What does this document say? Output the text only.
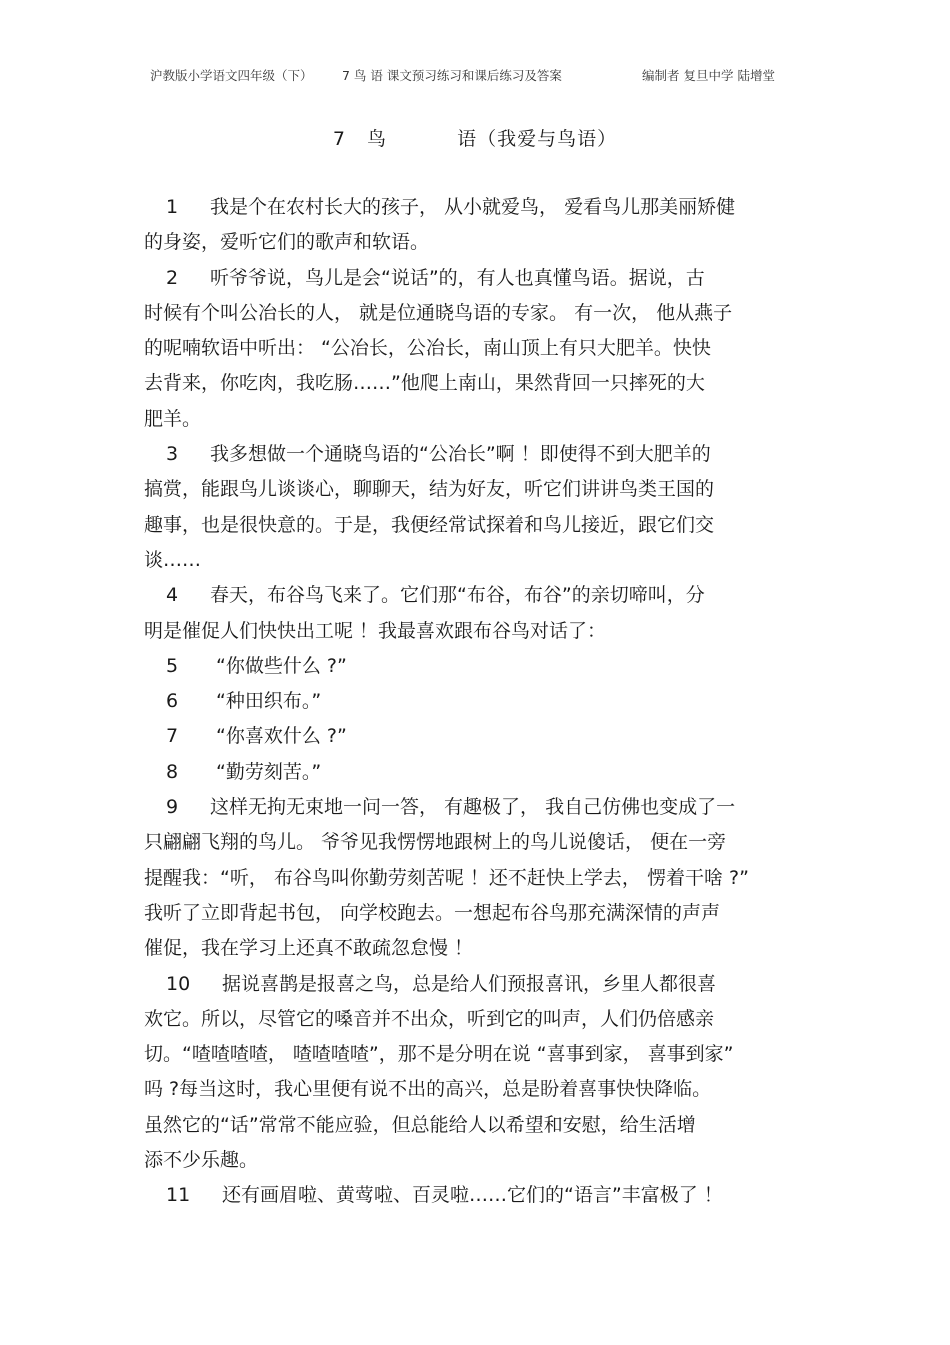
沪教版小学语文四年级（下） 7 鸟 语 课文预习练习和课后练习及答案	编制者 复旦中学 陆增堂
7 鸟	语（我爱与鸟语）

1 我是个在农村长大的孩子， 从小就爱鸟， 爱看鸟儿那美丽矫健
的身姿，爱听它们的歌声和软语。

2 听爷爷说，鸟儿是会“说话”的，有人也真懂鸟语。据说，古
时候有个叫公冶长的人， 就是位通晓鸟语的专家。 有一次， 他从燕子
的呢喃软语中听出： “公冶长，公冶长，南山顶上有只大肥羊。快快
去背来，你吃肉，我吃肠……”他爬上南山，果然背回一只摔死的大
肥羊。

3 我多想做一个通晓鸟语的“公冶长”啊 ！即使得不到大肥羊的
搞赏，能跟鸟儿谈谈心，聊聊天，结为好友，听它们讲讲鸟类王国的
趣事，也是很快意的。于是，我便经常试探着和鸟儿接近，跟它们交
谈……

4 春天，布谷鸟飞来了。它们那“布谷，布谷”的亲切啼叫，分
明是催促人们快快出工呢 ！我最喜欢跟布谷鸟对话了：

5 “你做些什么 ?”

6 “种田织布。”

7 “你喜欢什么 ?”

8 “勤劳刻苦。”

9 这样无拘无束地一问一答， 有趣极了， 我自己仿佛也变成了一
只翩翩飞翔的鸟儿。 爷爷见我愣愣地跟树上的鸟儿说傻话， 便在一旁
提醒我：“听， 布谷鸟叫你勤劳刻苦呢 ！还不赶快上学去， 愣着干啥 ?”
我听了立即背起书包， 向学校跑去。一想起布谷鸟那充满深情的声声
催促，我在学习上还真不敢疏忽怠慢 ！

10 据说喜鹊是报喜之鸟，总是给人们预报喜讯，乡里人都很喜
欢它。所以，尽管它的嗓音并不出众，听到它的叫声，人们仍倍感亲
切。“喳喳喳喳， 喳喳喳喳”，那不是分明在说 “喜事到家， 喜事到家”
吗 ?每当这时，我心里便有说不出的高兴，总是盼着喜事快快降临。
虽然它的“话”常常不能应验，但总能给人以希望和安慰，给生活增
添不少乐趣。

11 还有画眉啦、黄莺啦、百灵啦……它们的“语言”丰富极了 ！
